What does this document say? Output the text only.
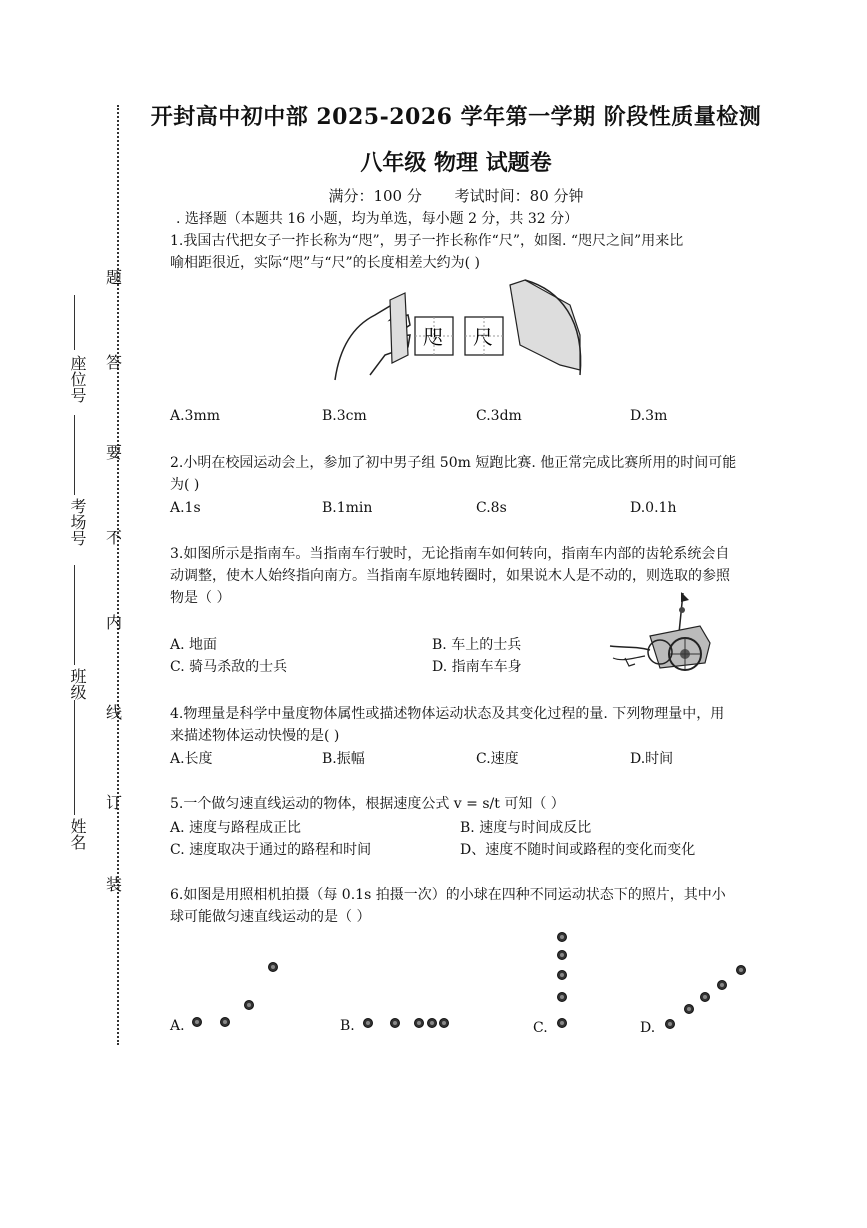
姓名
班级
考场号
座位号
装
订
线
内
不
要
答
题
开封高中初中部 2025-2026 学年第一学期 阶段性质量检测
八年级 物理 试题卷
满分：100 分 考试时间：80 分钟
. 选择题（本题共 16 小题，均为单选，每小题 2 分，共 32 分）
1.我国古代把女子一拃长称为“咫”，男子一拃长称作“尺”，如图. “咫尺之间”用来比
喻相距很近，实际“咫”与“尺”的长度相差大约为( )
咫 尺
A.3mm	B.3cm	C.3dm	D.3m
2.小明在校园运动会上，参加了初中男子组 50m 短跑比赛. 他正常完成比赛所用的时间可能
为( )
A.1s	B.1min	C.8s	D.0.1h
3.如图所示是指南车。当指南车行驶时，无论指南车如何转向，指南车内部的齿轮系统会自
动调整，使木人始终指向南方。当指南车原地转圈时，如果说木人是不动的，则选取的参照
物是（ ）
A. 地面	B. 车上的士兵
C. 骑马杀敌的士兵	D. 指南车车身
4.物理量是科学中量度物体属性或描述物体运动状态及其变化过程的量. 下列物理量中，用
来描述物体运动快慢的是( )
A.长度	B.振幅	C.速度	D.时间
5.一个做匀速直线运动的物体，根据速度公式 v = s/t 可知（ ）
A. 速度与路程成正比	B. 速度与时间成反比
C. 速度取决于通过的路程和时间	D、速度不随时间或路程的变化而变化
6.如图是用照相机拍摄（每 0.1s 拍摄一次）的小球在四种不同运动状态下的照片，其中小
球可能做匀速直线运动的是（ ）
A.	B.	C.	D.
